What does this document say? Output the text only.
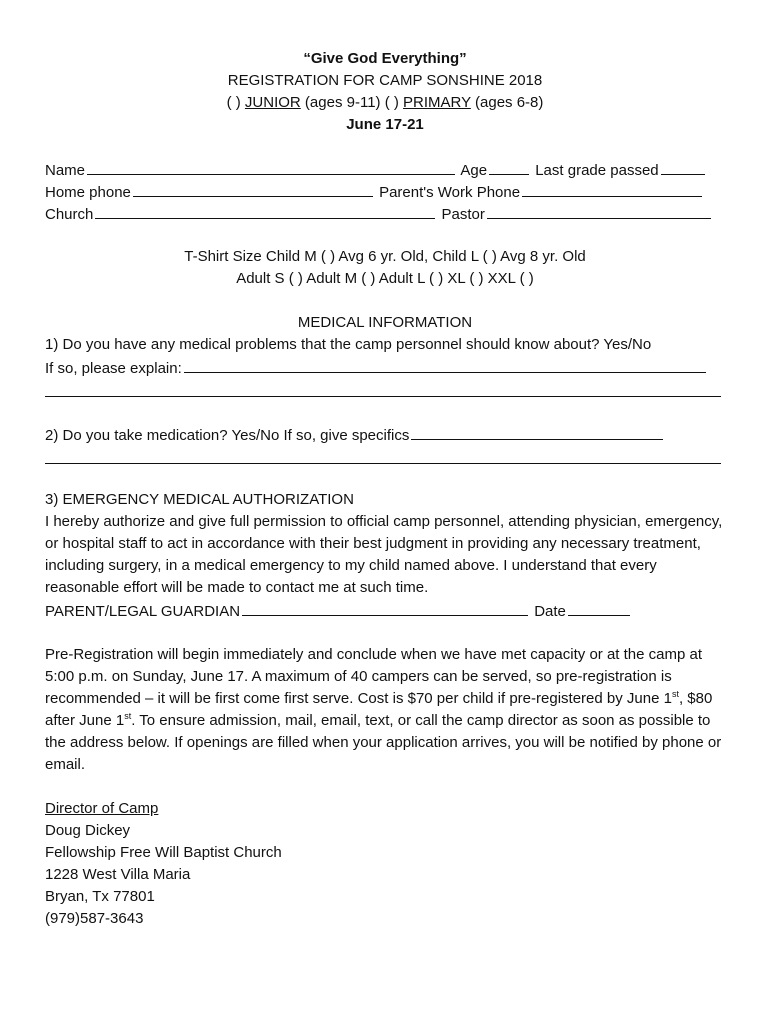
“Give God Everything”
REGISTRATION FOR CAMP SONSHINE 2018
( ) JUNIOR (ages 9-11) ( ) PRIMARY (ages 6-8)
June 17-21
Name	Age	Last grade passed
Home phone	Parent's Work Phone
Church	Pastor
T-Shirt Size Child M ( ) Avg 6 yr. Old, Child L ( ) Avg 8 yr. Old
Adult S ( ) Adult M ( ) Adult L ( ) XL ( ) XXL ( )
MEDICAL INFORMATION
1) Do you have any medical problems that the camp personnel should know about? Yes/No
If so, please explain:
2) Do you take medication? Yes/No If so, give specifics
3) EMERGENCY MEDICAL AUTHORIZATION
I hereby authorize and give full permission to official camp personnel, attending physician, emergency, or hospital staff to act in accordance with their best judgment in providing any necessary treatment, including surgery, in a medical emergency to my child named above. I understand that every reasonable effort will be made to contact me at such time.
PARENT/LEGAL GUARDIAN	Date
Pre-Registration will begin immediately and conclude when we have met capacity or at the camp at 5:00 p.m. on Sunday, June 17. A maximum of 40 campers can be served, so pre-registration is recommended – it will be first come first serve. Cost is $70 per child if pre-registered by June 1st, $80 after June 1st. To ensure admission, mail, email, text, or call the camp director as soon as possible to the address below. If openings are filled when your application arrives, you will be notified by phone or email.
Director of Camp
Doug Dickey
Fellowship Free Will Baptist Church
1228 West Villa Maria
Bryan, Tx 77801
(979)587-3643
